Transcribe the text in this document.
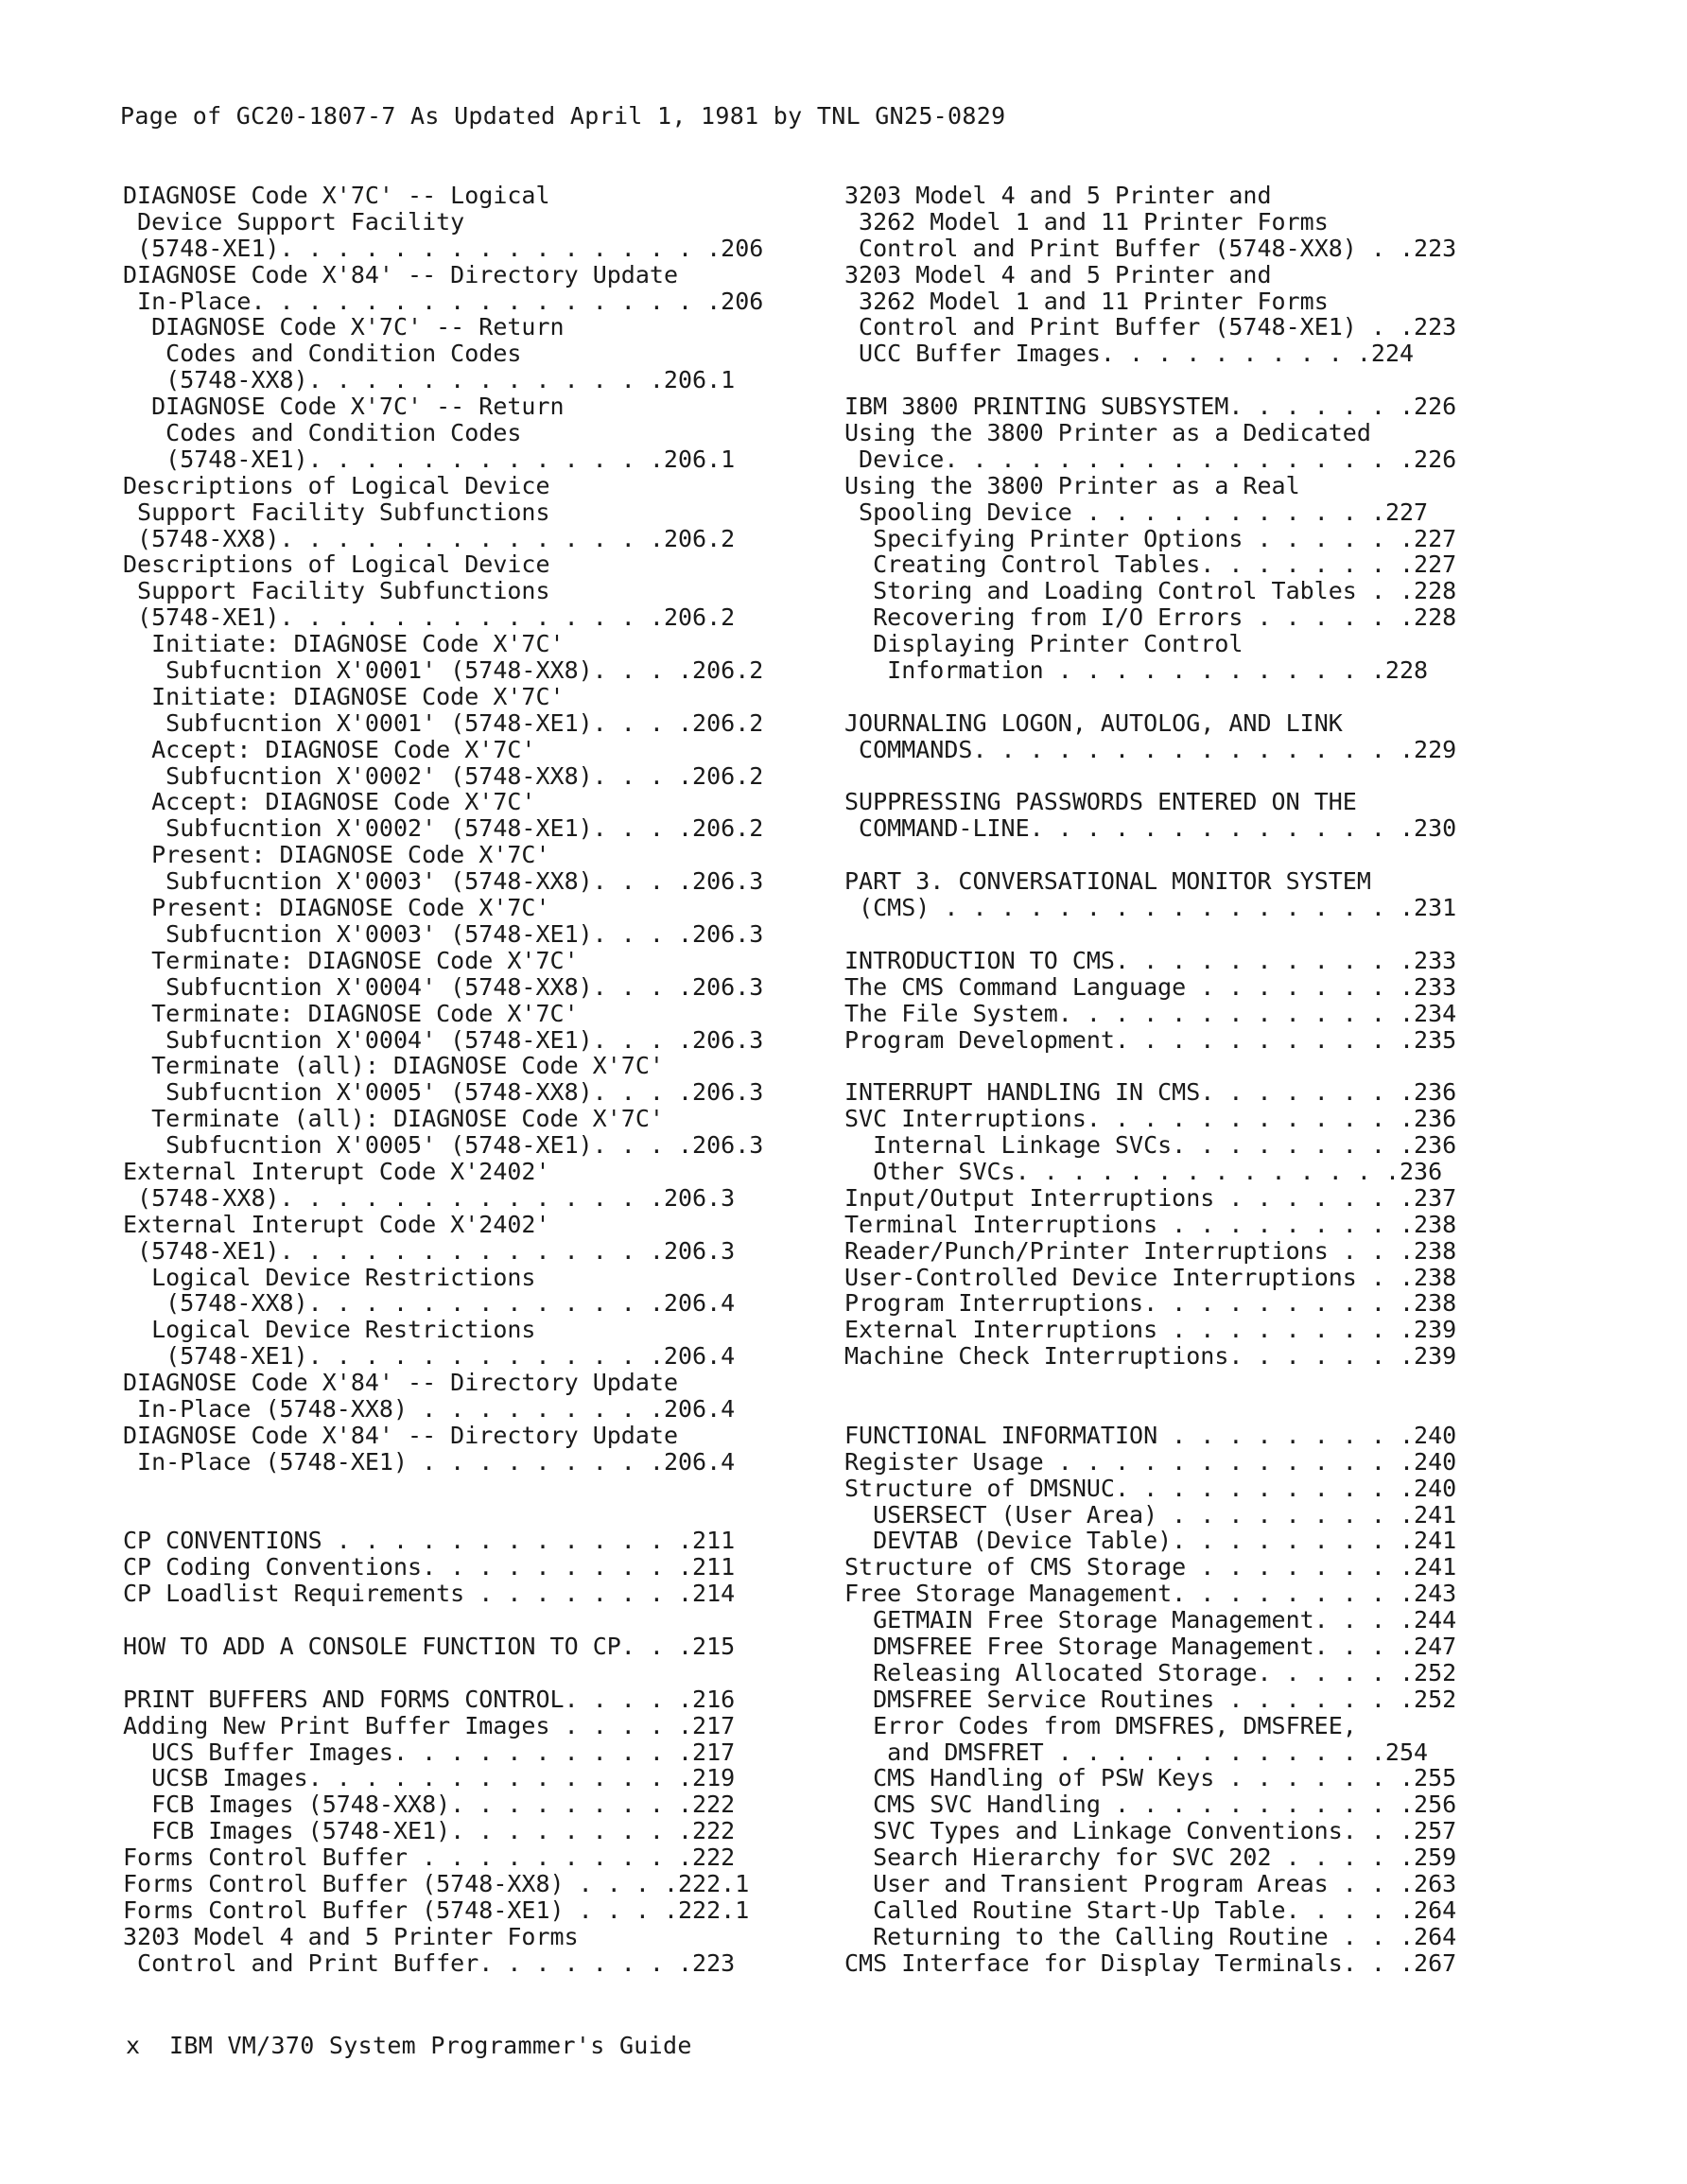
Page of GC20-1807-7 As Updated April 1, 1981 by TNL GN25-0829
DIAGNOSE Code X'7C' -- Logical
Device Support Facility
(5748-XE1). . . . . . . . . . . . . . . .206
DIAGNOSE Code X'84' -- Directory Update
In-Place. . . . . . . . . . . . . . . . .206
DIAGNOSE Code X'7C' -- Return
Codes and Condition Codes
(5748-XX8). . . . . . . . . . . . .206.1
DIAGNOSE Code X'7C' -- Return
Codes and Condition Codes
(5748-XE1). . . . . . . . . . . . .206.1
Descriptions of Logical Device
Support Facility Subfunctions
(5748-XX8). . . . . . . . . . . . . .206.2
Descriptions of Logical Device
Support Facility Subfunctions
(5748-XE1). . . . . . . . . . . . . .206.2
Initiate: DIAGNOSE Code X'7C'
Subfucntion X'0001' (5748-XX8). . . .206.2
Initiate: DIAGNOSE Code X'7C'
Subfucntion X'0001' (5748-XE1). . . .206.2
Accept: DIAGNOSE Code X'7C'
Subfucntion X'0002' (5748-XX8). . . .206.2
Accept: DIAGNOSE Code X'7C'
Subfucntion X'0002' (5748-XE1). . . .206.2
Present: DIAGNOSE Code X'7C'
Subfucntion X'0003' (5748-XX8). . . .206.3
Present: DIAGNOSE Code X'7C'
Subfucntion X'0003' (5748-XE1). . . .206.3
Terminate: DIAGNOSE Code X'7C'
Subfucntion X'0004' (5748-XX8). . . .206.3
Terminate: DIAGNOSE Code X'7C'
Subfucntion X'0004' (5748-XE1). . . .206.3
Terminate (all): DIAGNOSE Code X'7C'
Subfucntion X'0005' (5748-XX8). . . .206.3
Terminate (all): DIAGNOSE Code X'7C'
Subfucntion X'0005' (5748-XE1). . . .206.3
External Interupt Code X'2402'
(5748-XX8). . . . . . . . . . . . . .206.3
External Interupt Code X'2402'
(5748-XE1). . . . . . . . . . . . . .206.3
Logical Device Restrictions
(5748-XX8). . . . . . . . . . . . .206.4
Logical Device Restrictions
(5748-XE1). . . . . . . . . . . . .206.4
DIAGNOSE Code X'84' -- Directory Update
In-Place (5748-XX8) . . . . . . . . .206.4
DIAGNOSE Code X'84' -- Directory Update
In-Place (5748-XE1) . . . . . . . . .206.4
CP CONVENTIONS . . . . . . . . . . . . .211
CP Coding Conventions. . . . . . . . . .211
CP Loadlist Requirements . . . . . . . .214
HOW TO ADD A CONSOLE FUNCTION TO CP. . .215
PRINT BUFFERS AND FORMS CONTROL. . . . .216
Adding New Print Buffer Images . . . . .217
UCS Buffer Images. . . . . . . . . . .217
UCSB Images. . . . . . . . . . . . . .219
FCB Images (5748-XX8). . . . . . . . .222
FCB Images (5748-XE1). . . . . . . . .222
Forms Control Buffer . . . . . . . . . .222
Forms Control Buffer (5748-XX8) . . . .222.1
Forms Control Buffer (5748-XE1) . . . .222.1
3203 Model 4 and 5 Printer Forms
Control and Print Buffer. . . . . . . .223
3203 Model 4 and 5 Printer and
3262 Model 1 and 11 Printer Forms
Control and Print Buffer (5748-XX8) . .223
3203 Model 4 and 5 Printer and
3262 Model 1 and 11 Printer Forms
Control and Print Buffer (5748-XE1) . .223
UCC Buffer Images. . . . . . . . . .224
IBM 3800 PRINTING SUBSYSTEM. . . . . . .226
Using the 3800 Printer as a Dedicated
Device. . . . . . . . . . . . . . . . .226
Using the 3800 Printer as a Real
Spooling Device . . . . . . . . . . .227
Specifying Printer Options . . . . . .227
Creating Control Tables. . . . . . . .227
Storing and Loading Control Tables . .228
Recovering from I/O Errors . . . . . .228
Displaying Printer Control
Information . . . . . . . . . . . .228
JOURNALING LOGON, AUTOLOG, AND LINK
COMMANDS. . . . . . . . . . . . . . . .229
SUPPRESSING PASSWORDS ENTERED ON THE
COMMAND-LINE. . . . . . . . . . . . . .230
PART 3. CONVERSATIONAL MONITOR SYSTEM
(CMS) . . . . . . . . . . . . . . . . .231
INTRODUCTION TO CMS. . . . . . . . . . .233
The CMS Command Language . . . . . . . .233
The File System. . . . . . . . . . . . .234
Program Development. . . . . . . . . . .235
INTERRUPT HANDLING IN CMS. . . . . . . .236
SVC Interruptions. . . . . . . . . . . .236
Internal Linkage SVCs. . . . . . . . .236
Other SVCs. . . . . . . . . . . . . .236
Input/Output Interruptions . . . . . . .237
Terminal Interruptions . . . . . . . . .238
Reader/Punch/Printer Interruptions . . .238
User-Controlled Device Interruptions . .238
Program Interruptions. . . . . . . . . .238
External Interruptions . . . . . . . . .239
Machine Check Interruptions. . . . . . .239
FUNCTIONAL INFORMATION . . . . . . . . .240
Register Usage . . . . . . . . . . . . .240
Structure of DMSNUC. . . . . . . . . . .240
USERSECT (User Area) . . . . . . . . .241
DEVTAB (Device Table). . . . . . . . .241
Structure of CMS Storage . . . . . . . .241
Free Storage Management. . . . . . . . .243
GETMAIN Free Storage Management. . . .244
DMSFREE Free Storage Management. . . .247
Releasing Allocated Storage. . . . . .252
DMSFREE Service Routines . . . . . . .252
Error Codes from DMSFRES, DMSFREE,
and DMSFRET . . . . . . . . . . . .254
CMS Handling of PSW Keys . . . . . . .255
CMS SVC Handling . . . . . . . . . . .256
SVC Types and Linkage Conventions. . .257
Search Hierarchy for SVC 202 . . . . .259
User and Transient Program Areas . . .263
Called Routine Start-Up Table. . . . .264
Returning to the Calling Routine . . .264
CMS Interface for Display Terminals. . .267
x  IBM VM/370 System Programmer's Guide
